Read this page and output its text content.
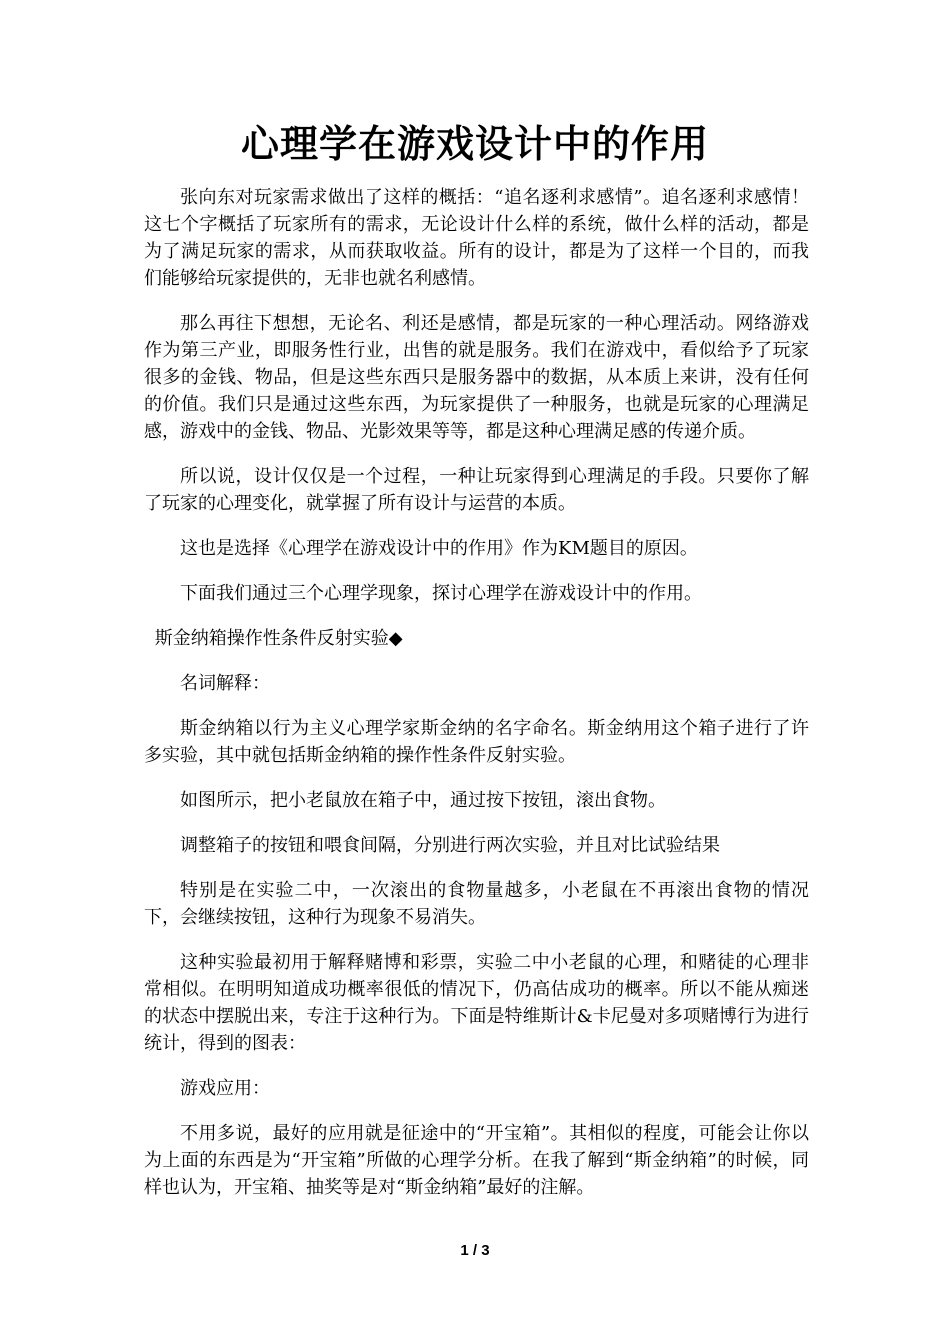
心理学在游戏设计中的作用

张向东对玩家需求做出了这样的概括：“追名逐利求感情”。追名逐利求感情！这七个字概括了玩家所有的需求，无论设计什么样的系统，做什么样的活动，都是为了满足玩家的需求，从而获取收益。所有的设计，都是为了这样一个目的，而我们能够给玩家提供的，无非也就名利感情。

那么再往下想想，无论名、利还是感情，都是玩家的一种心理活动。网络游戏作为第三产业，即服务性行业，出售的就是服务。我们在游戏中，看似给予了玩家很多的金钱、物品，但是这些东西只是服务器中的数据，从本质上来讲，没有任何的价值。我们只是通过这些东西，为玩家提供了一种服务，也就是玩家的心理满足感，游戏中的金钱、物品、光影效果等等，都是这种心理满足感的传递介质。

所以说，设计仅仅是一个过程，一种让玩家得到心理满足的手段。只要你了解了玩家的心理变化，就掌握了所有设计与运营的本质。

这也是选择《心理学在游戏设计中的作用》作为KM题目的原因。

下面我们通过三个心理学现象，探讨心理学在游戏设计中的作用。

斯金纳箱操作性条件反射实验◆

名词解释：

斯金纳箱以行为主义心理学家斯金纳的名字命名。斯金纳用这个箱子进行了许多实验，其中就包括斯金纳箱的操作性条件反射实验。

如图所示，把小老鼠放在箱子中，通过按下按钮，滚出食物。

调整箱子的按钮和喂食间隔，分别进行两次实验，并且对比试验结果

特别是在实验二中，一次滚出的食物量越多，小老鼠在不再滚出食物的情况下，会继续按钮，这种行为现象不易消失。

这种实验最初用于解释赌博和彩票，实验二中小老鼠的心理，和赌徒的心理非常相似。在明明知道成功概率很低的情况下，仍高估成功的概率。所以不能从痴迷的状态中摆脱出来，专注于这种行为。下面是特维斯计&卡尼曼对多项赌博行为进行统计，得到的图表：

游戏应用：

不用多说，最好的应用就是征途中的“开宝箱”。其相似的程度，可能会让你以为上面的东西是为“开宝箱”所做的心理学分析。在我了解到“斯金纳箱”的时候，同样也认为，开宝箱、抽奖等是对“斯金纳箱”最好的注解。

1 / 3
